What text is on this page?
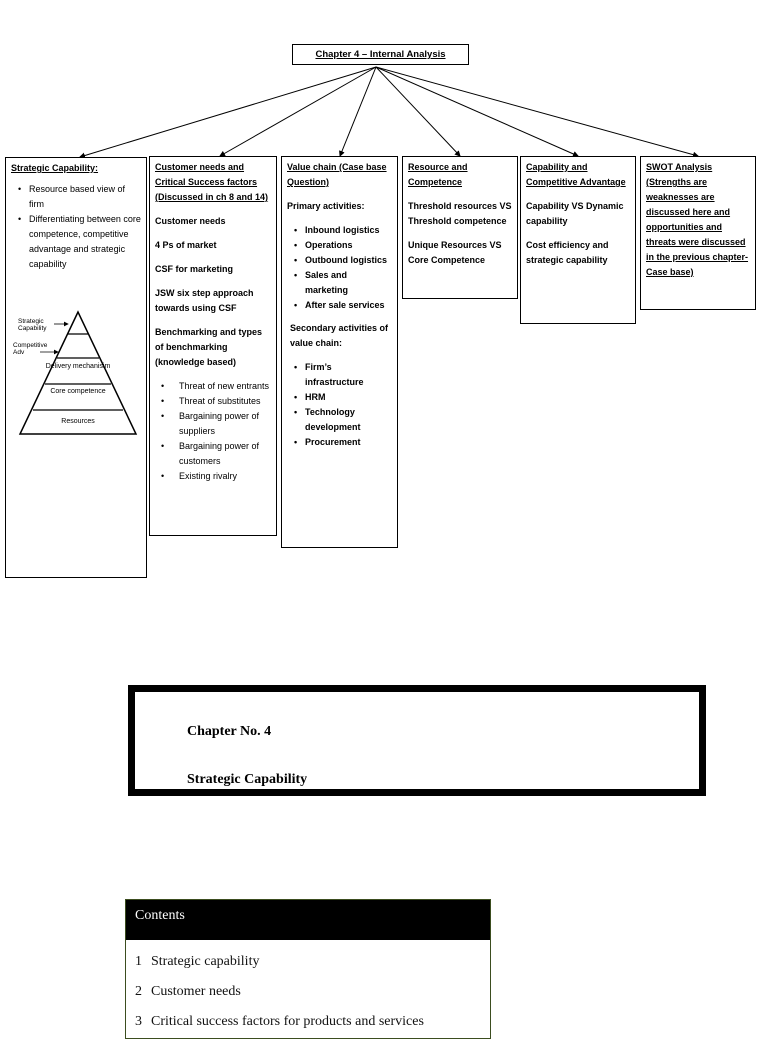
Chapter 4 – Internal Analysis
Strategic Capability:
• Resource based view of firm
• Differentiating between core competence, competitive advantage and strategic capability
Strategic Capability
Competitive Adv
Delivery mechanisim
Core competence
Resources
Customer needs and Critical Success factors (Discussed in ch 8 and 14)
Customer needs
4 Ps of market
CSF for marketing
JSW six step approach towards using CSF
Benchmarking and types of benchmarking (knowledge based)
• Threat of new entrants
• Threat of substitutes
• Bargaining power of suppliers
• Bargaining power of customers
• Existing rivalry
Value chain (Case base Question)
Primary activities:
• Inbound logistics
• Operations
• Outbound logistics
• Sales and marketing
• After sale services
Secondary activities of value chain:
• Firm’s infrastructure
• HRM
• Technology development
• Procurement
Resource and Competence
Threshold resources VS Threshold competence
Unique Resources VS Core Competence
Capability and Competitive Advantage
Capability VS Dynamic capability
Cost efficiency and strategic capability
SWOT Analysis (Strengths are weaknesses are discussed here and opportunities and threats were discussed in the previous chapter- Case base)
Chapter No. 4
Strategic Capability
Contents
1 Strategic capability
2 Customer needs
3 Critical success factors for products and services
